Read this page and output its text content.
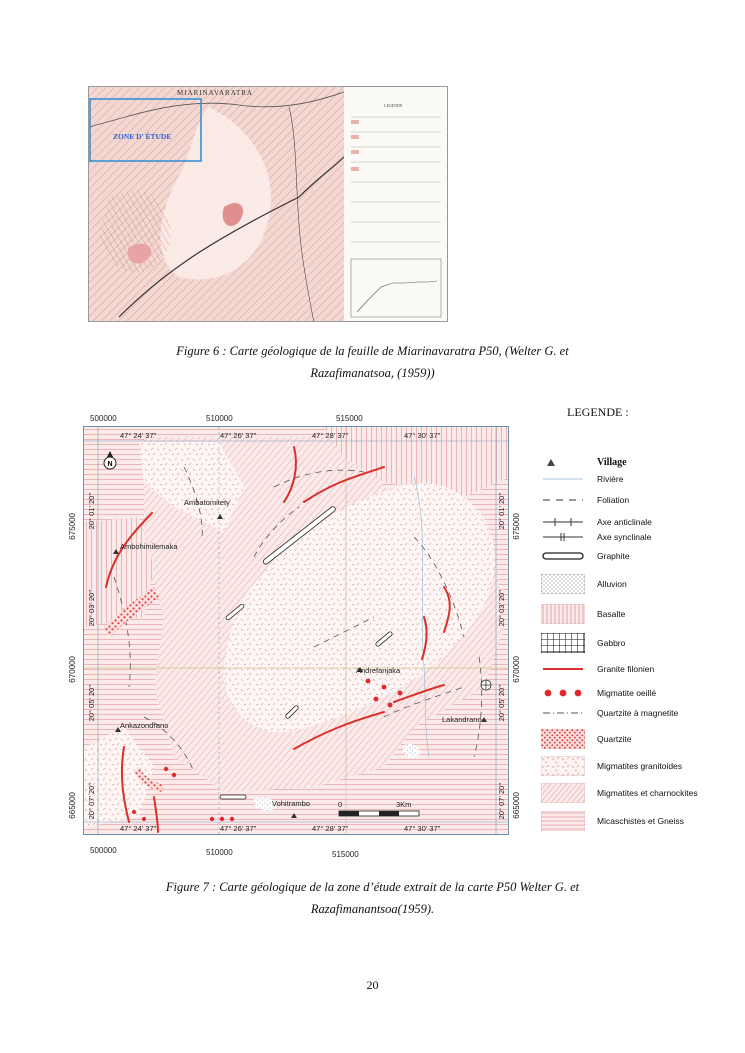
ZONE D' ÉTUDE
MIARINAVARATRA
LEGENDE
Figure 6 : Carte géologique de la feuille de Miarinavaratra P50, (Welter G. et
Razafimanatsoa, (1959))
500000	510000	515000
N
Ambatomitety
Ambohimilemaka
Andrefanjaka
Ankazondrano
Lakandrano
Vohitrambo	0	3Km
47° 24' 37"	47° 26' 37"	47° 28' 37"	47° 30' 37"
47° 24' 37"	47° 26' 37"	47° 28' 37"	47° 30' 37"
20° 01' 20"
20° 03' 20"
20° 05' 20"
20° 07' 20"
20° 01' 20"
20° 03' 20"
20° 05' 20"
20° 07' 20"
675000
670000
665000
675000
670000
665000
500000	510000	515000
LEGENDE :
Village
Rivière
Foliation
Axe anticlinale
Axe synclinale
Graphite
Alluvion
Basalte
Gabbro
Granite filonien
Migmatite oeillé
Quartzite à magnetite
Quartzite
Migmatites granitoides
Migmatites et charnockites
Micaschistes et Gneiss
Figure 7 : Carte géologique de la zone d’étude extrait de la carte P50 Welter G. et
Razafimanantsoa(1959).
20
